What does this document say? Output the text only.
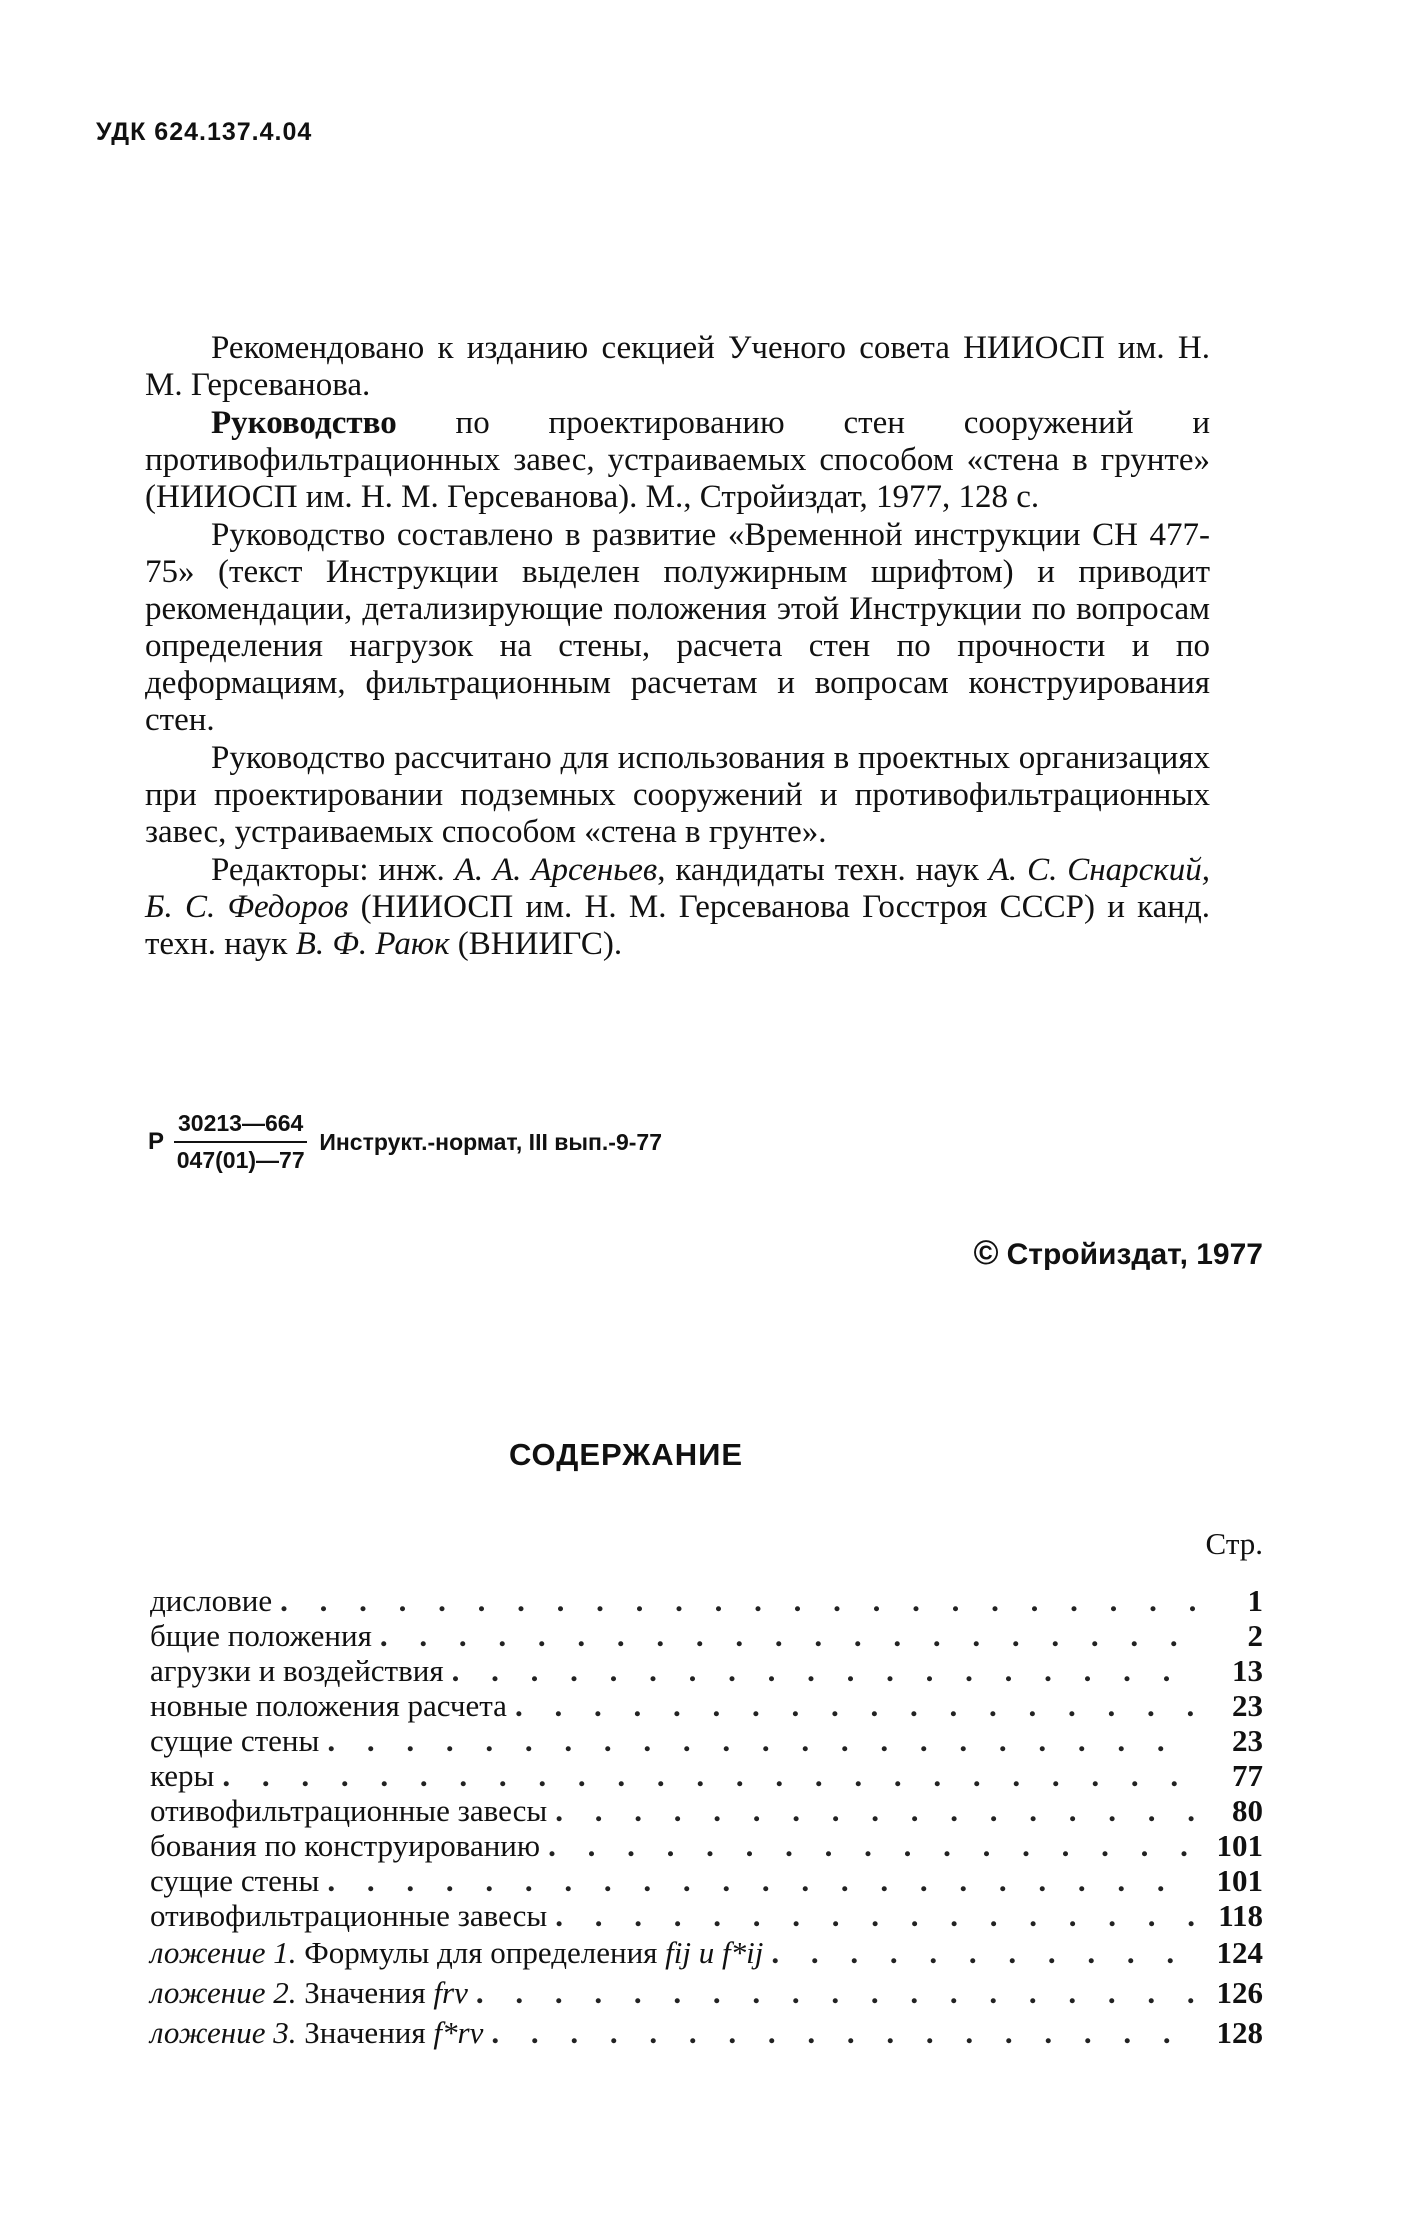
УДК 624.137.4.04

Рекомендовано к изданию секцией Ученого совета НИИОСП им. Н. М. Герсеванова.

Руководство по проектированию стен сооружений и противофильтрационных завес, устраиваемых способом «стена в грунте» (НИИОСП им. Н. М. Герсеванова). М., Стройиздат, 1977, 128 с.

Руководство составлено в развитие «Временной инструкции СН 477-75» (текст Инструкции выделен полужирным шрифтом) и приводит рекомендации, детализирующие положения этой Инструкции по вопросам определения нагрузок на стены, расчета стен по прочности и по деформациям, фильтрационным расчетам и вопросам конструирования стен.

Руководство рассчитано для использования в проектных организациях при проектировании подземных сооружений и противофильтрационных завес, устраиваемых способом «стена в грунте».

Редакторы: инж. А. А. Арсеньев, кандидаты техн. наук А. С. Снарский, Б. С. Федоров (НИИОСП им. Н. М. Герсеванова Госстроя СССР) и канд. техн. наук В. Ф. Раюк (ВНИИГС).

Р $\frac{30213—664}{047(01)—77}$ Инструкт.-нормат, III вып.-9-77
© Стройиздат, 1977
СОДЕРЖАНИЕ
Стр.
дисловие . . .	1
бщие положения . . .	2
агрузки и воздействия . . .	13
новные положения расчета . . .	23
сущие стены . . .	23
керы . . .	77
отивофильтрационные завесы . . .	80
бования по конструированию . . .	101
сущие стены . . .	101
отивофильтрационные завесы . . .	118
ложение 1. Формулы для определения fij и f*ij . . .	124
ложение 2. Значения frv . . .	126
ложение 3. Значения f*rv . . .	128
